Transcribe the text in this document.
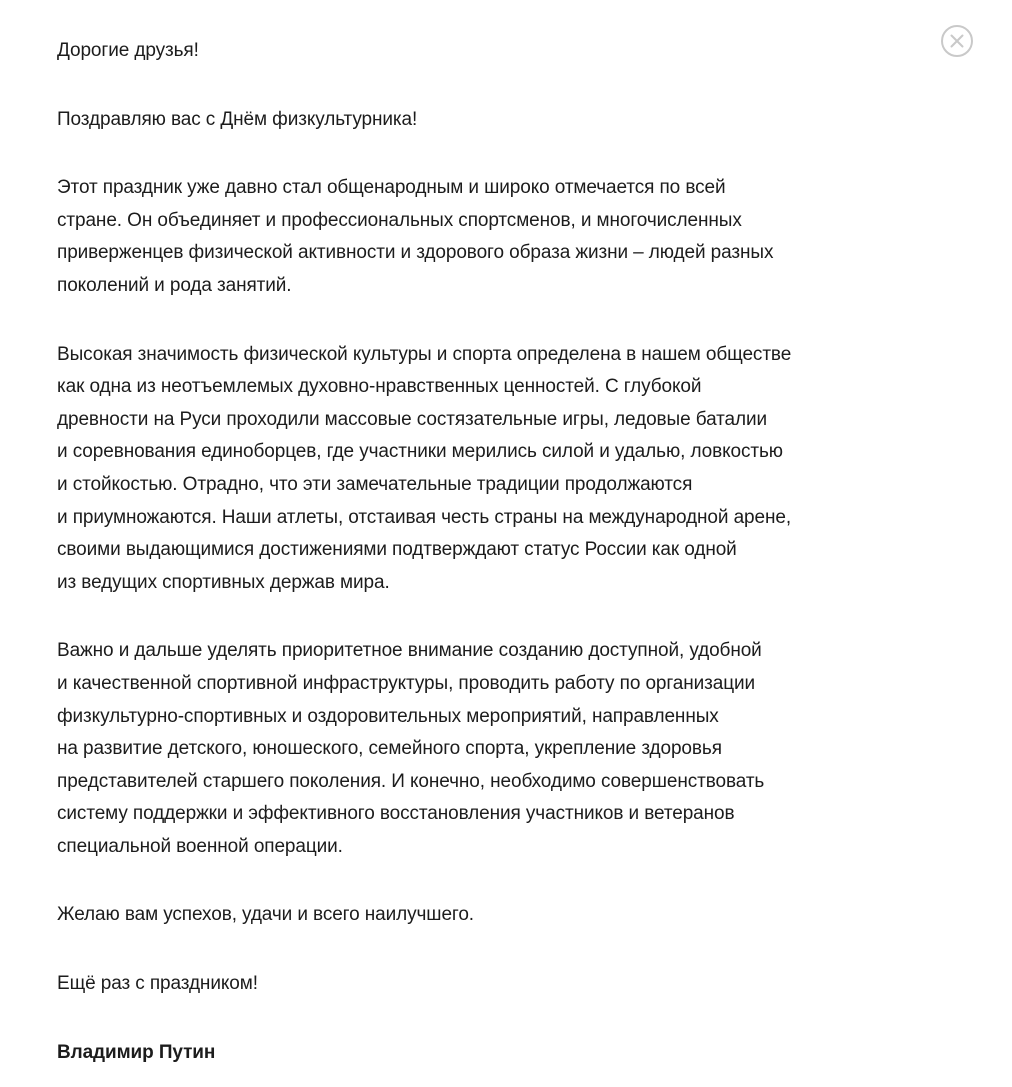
Дорогие друзья!

Поздравляю вас с Днём физкультурника!

Этот праздник уже давно стал общенародным и широко отмечается по всей
стране. Он объединяет и профессиональных спортсменов, и многочисленных
приверженцев физической активности и здорового образа жизни – людей разных
поколений и рода занятий.

Высокая значимость физической культуры и спорта определена в нашем обществе
как одна из неотъемлемых духовно-нравственных ценностей. С глубокой
древности на Руси проходили массовые состязательные игры, ледовые баталии
и соревнования единоборцев, где участники мерились силой и удалью, ловкостью
и стойкостью. Отрадно, что эти замечательные традиции продолжаются
и приумножаются. Наши атлеты, отстаивая честь страны на международной арене,
своими выдающимися достижениями подтверждают статус России как одной
из ведущих спортивных держав мира.

Важно и дальше уделять приоритетное внимание созданию доступной, удобной
и качественной спортивной инфраструктуры, проводить работу по организации
физкультурно-спортивных и оздоровительных мероприятий, направленных
на развитие детского, юношеского, семейного спорта, укрепление здоровья
представителей старшего поколения. И конечно, необходимо совершенствовать
систему поддержки и эффективного восстановления участников и ветеранов
специальной военной операции.

Желаю вам успехов, удачи и всего наилучшего.

Ещё раз с праздником!

Владимир Путин
